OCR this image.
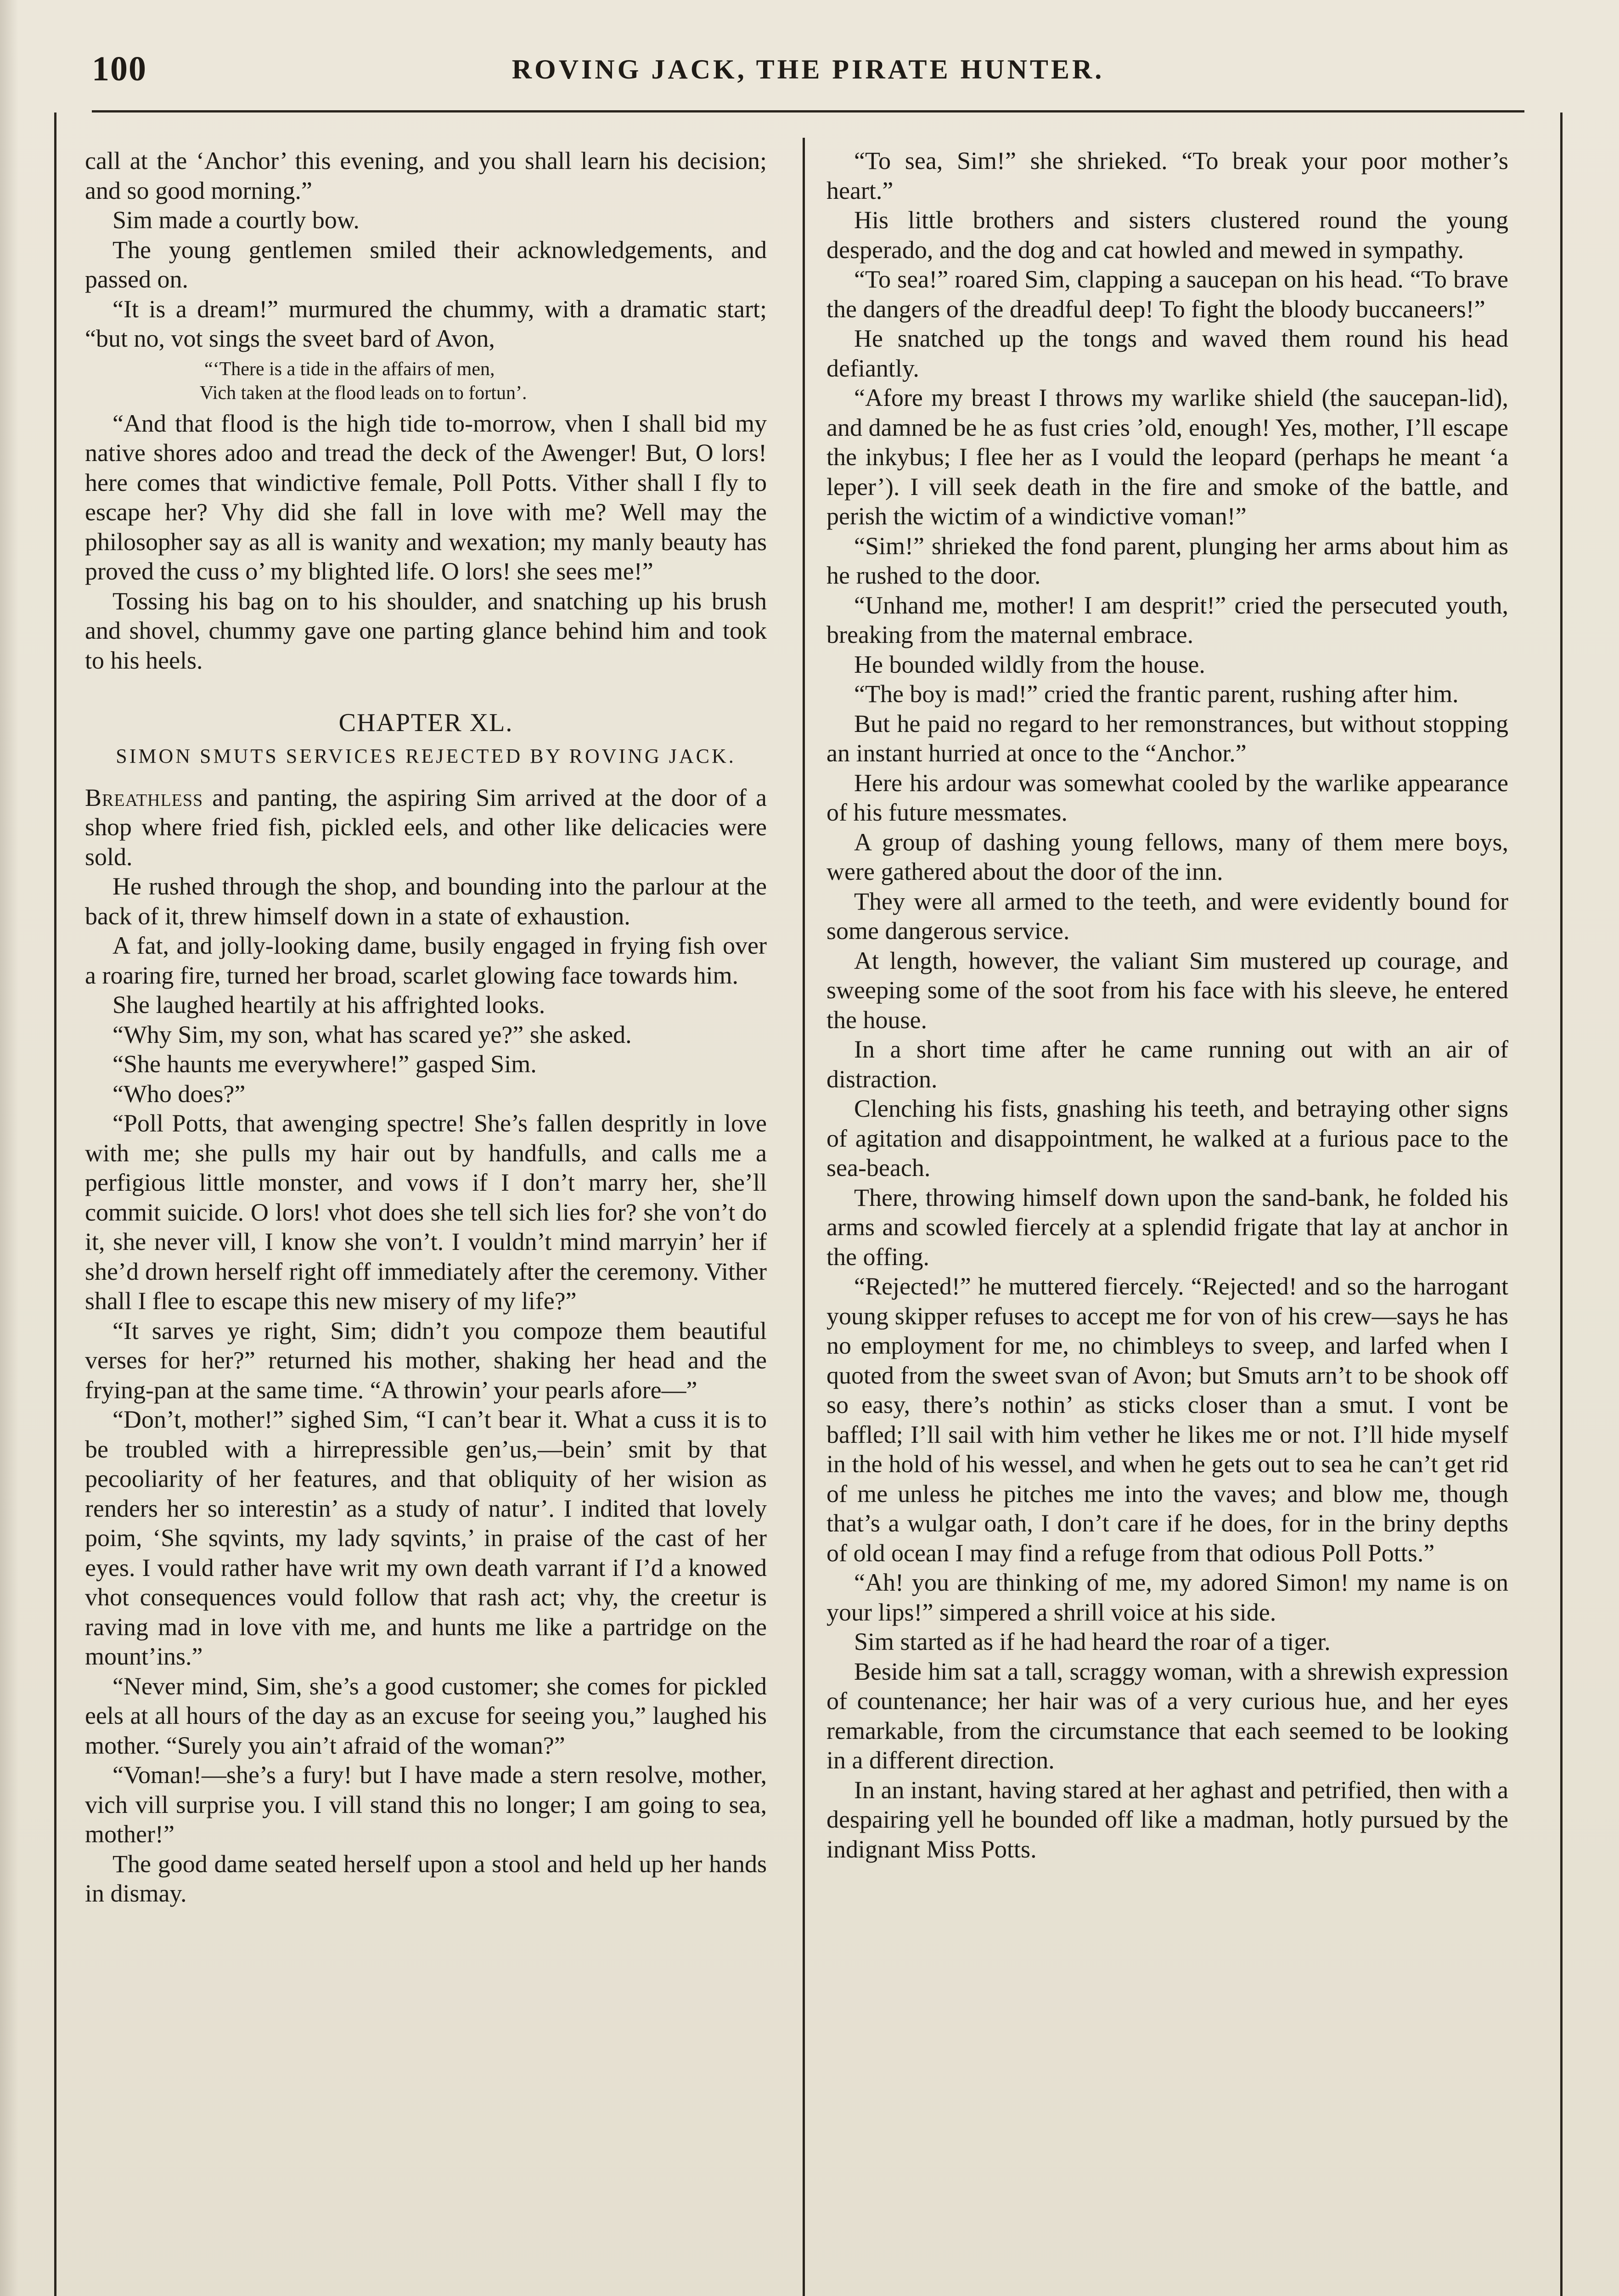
100	ROVING JACK, THE PIRATE HUNTER.

call at the ‘Anchor’ this evening, and you shall learn his decision; and so good morning.”

Sim made a courtly bow.

The young gentlemen smiled their acknowledgements, and passed on.

“It is a dream!” murmured the chummy, with a dramatic start; “but no, vot sings the sveet bard of Avon,

“‘There is a tide in the affairs of men,
Vich taken at the flood leads on to fortun’.

“And that flood is the high tide to-morrow, vhen I shall bid my native shores adoo and tread the deck of the Awenger! But, O lors! here comes that windictive female, Poll Potts. Vither shall I fly to escape her? Vhy did she fall in love with me? Well may the philosopher say as all is wanity and wexation; my manly beauty has proved the cuss o’ my blighted life. O lors! she sees me!”

Tossing his bag on to his shoulder, and snatching up his brush and shovel, chummy gave one parting glance behind him and took to his heels.

CHAPTER XL.
SIMON SMUTS SERVICES REJECTED BY ROVING JACK.

Breathless and panting, the aspiring Sim arrived at the door of a shop where fried fish, pickled eels, and other like delicacies were sold.

He rushed through the shop, and bounding into the parlour at the back of it, threw himself down in a state of exhaustion.

A fat, and jolly-looking dame, busily engaged in frying fish over a roaring fire, turned her broad, scarlet glowing face towards him.

She laughed heartily at his affrighted looks.

“Why Sim, my son, what has scared ye?” she asked.

“She haunts me everywhere!” gasped Sim.

“Who does?”

“Poll Potts, that awenging spectre! She’s fallen despritly in love with me; she pulls my hair out by handfulls, and calls me a perfigious little monster, and vows if I don’t marry her, she’ll commit suicide. O lors! vhot does she tell sich lies for? she von’t do it, she never vill, I know she von’t. I vouldn’t mind marryin’ her if she’d drown herself right off immediately after the ceremony. Vither shall I flee to escape this new misery of my life?”

“It sarves ye right, Sim; didn’t you compoze them beautiful verses for her?” returned his mother, shaking her head and the frying-pan at the same time. “A throwin’ your pearls afore—”

“Don’t, mother!” sighed Sim, “I can’t bear it. What a cuss it is to be troubled with a hirrepressible gen’us,—bein’ smit by that pecooliarity of her features, and that obliquity of her wision as renders her so interestin’ as a study of natur’. I indited that lovely poim, ‘She sqvints, my lady sqvints,’ in praise of the cast of her eyes. I vould rather have writ my own death varrant if I’d a knowed vhot consequences vould follow that rash act; vhy, the creetur is raving mad in love vith me, and hunts me like a partridge on the mount’ins.”

“Never mind, Sim, she’s a good customer; she comes for pickled eels at all hours of the day as an excuse for seeing you,” laughed his mother. “Surely you ain’t afraid of the woman?”

“Voman!—she’s a fury! but I have made a stern resolve, mother, vich vill surprise you. I vill stand this no longer; I am going to sea, mother!”

The good dame seated herself upon a stool and held up her hands in dismay.

“To sea, Sim!” she shrieked. “To break your poor mother’s heart.”

His little brothers and sisters clustered round the young desperado, and the dog and cat howled and mewed in sympathy.

“To sea!” roared Sim, clapping a saucepan on his head. “To brave the dangers of the dreadful deep! To fight the bloody buccaneers!”

He snatched up the tongs and waved them round his head defiantly.

“Afore my breast I throws my warlike shield (the saucepan-lid), and damned be he as fust cries ’old, enough! Yes, mother, I’ll escape the inkybus; I flee her as I vould the leopard (perhaps he meant ‘a leper’). I vill seek death in the fire and smoke of the battle, and perish the wictim of a windictive voman!”

“Sim!” shrieked the fond parent, plunging her arms about him as he rushed to the door.

“Unhand me, mother! I am desprit!” cried the persecuted youth, breaking from the maternal embrace.

He bounded wildly from the house.

“The boy is mad!” cried the frantic parent, rushing after him.

But he paid no regard to her remonstrances, but without stopping an instant hurried at once to the “Anchor.”

Here his ardour was somewhat cooled by the warlike appearance of his future messmates.

A group of dashing young fellows, many of them mere boys, were gathered about the door of the inn.

They were all armed to the teeth, and were evidently bound for some dangerous service.

At length, however, the valiant Sim mustered up courage, and sweeping some of the soot from his face with his sleeve, he entered the house.

In a short time after he came running out with an air of distraction.

Clenching his fists, gnashing his teeth, and betraying other signs of agitation and disappointment, he walked at a furious pace to the sea-beach.

There, throwing himself down upon the sand-bank, he folded his arms and scowled fiercely at a splendid frigate that lay at anchor in the offing.

“Rejected!” he muttered fiercely. “Rejected! and so the harrogant young skipper refuses to accept me for von of his crew—says he has no employment for me, no chimbleys to sveep, and larfed when I quoted from the sweet svan of Avon; but Smuts arn’t to be shook off so easy, there’s nothin’ as sticks closer than a smut. I vont be baffled; I’ll sail with him vether he likes me or not. I’ll hide myself in the hold of his wessel, and when he gets out to sea he can’t get rid of me unless he pitches me into the vaves; and blow me, though that’s a wulgar oath, I don’t care if he does, for in the briny depths of old ocean I may find a refuge from that odious Poll Potts.”

“Ah! you are thinking of me, my adored Simon! my name is on your lips!” simpered a shrill voice at his side.

Sim started as if he had heard the roar of a tiger.

Beside him sat a tall, scraggy woman, with a shrewish expression of countenance; her hair was of a very curious hue, and her eyes remarkable, from the circumstance that each seemed to be looking in a different direction.

In an instant, having stared at her aghast and petrified, then with a despairing yell he bounded off like a madman, hotly pursued by the indignant Miss Potts.
